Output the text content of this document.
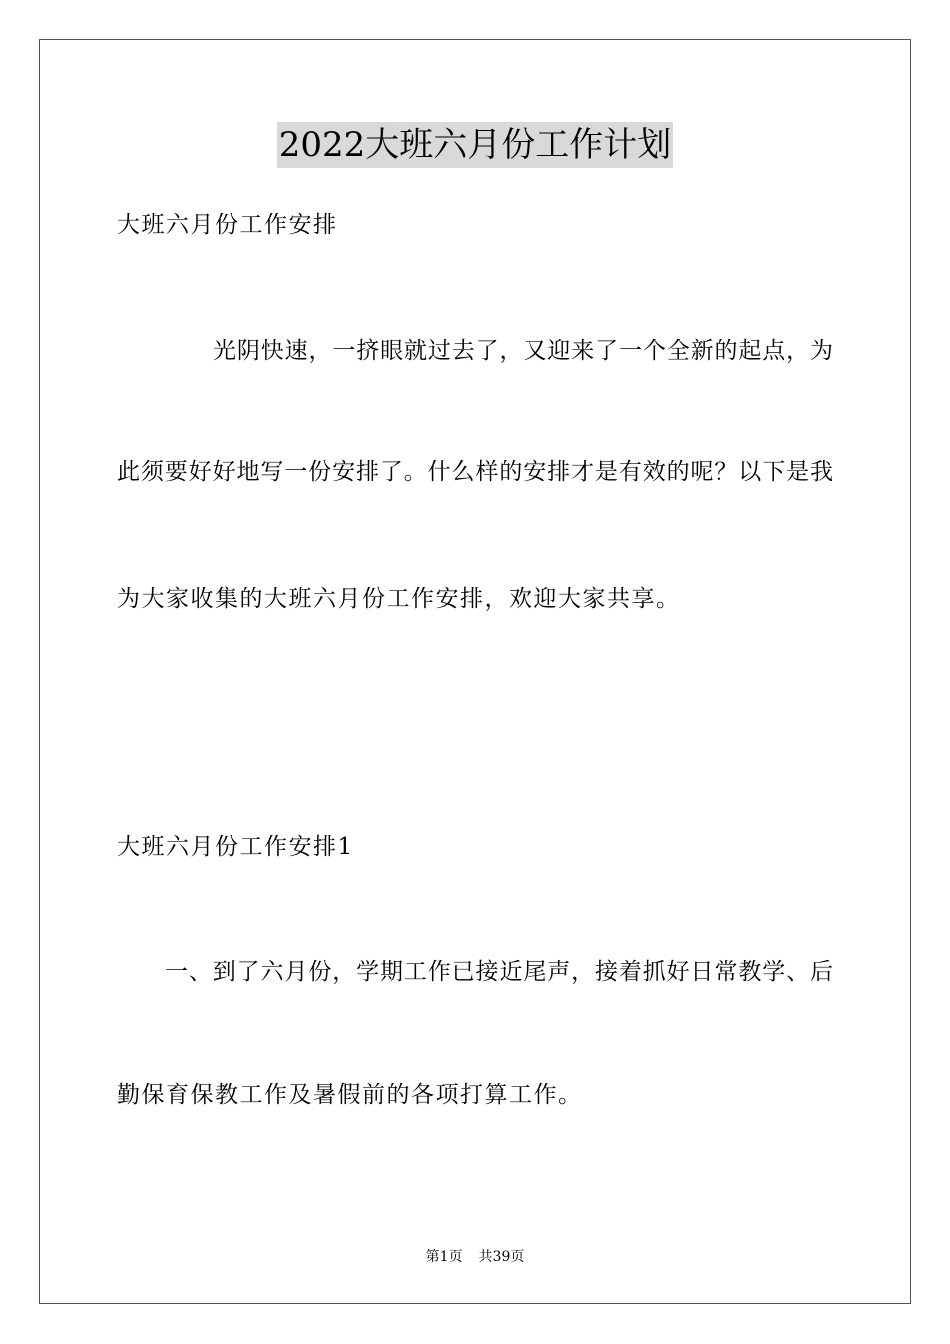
2022大班六月份工作计划
大班六月份工作安排
光阴快速，一挤眼就过去了，又迎来了一个全新的起点，为
此须要好好地写一份安排了。什么样的安排才是有效的呢？以下是我
为大家收集的大班六月份工作安排，欢迎大家共享。
大班六月份工作安排1
一、到了六月份，学期工作已接近尾声，接着抓好日常教学、后
勤保育保教工作及暑假前的各项打算工作。
第1页 共39页
